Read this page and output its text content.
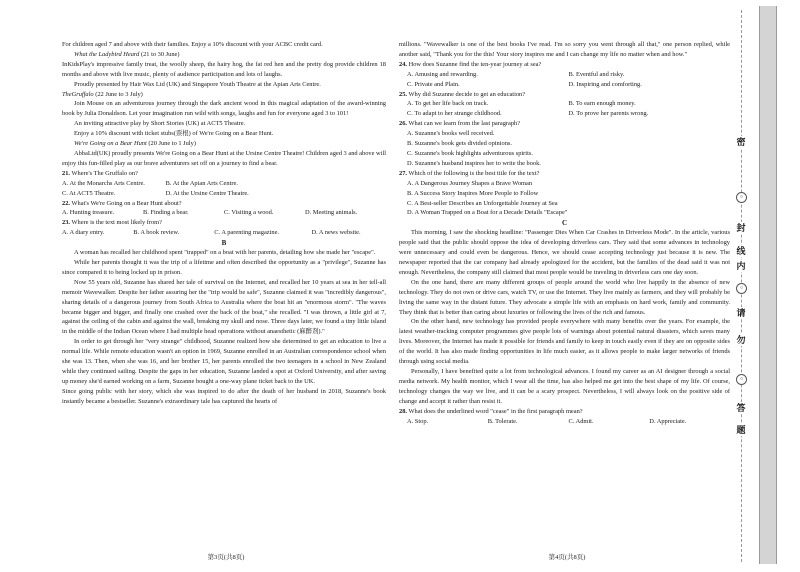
For children aged 7 and above with their families. Enjoy a 10% discount with your ACBC credit card.
What the Ladybird Heard (21 to 30 June)
InKidsPlay's impressive family treat, the woolly sheep, the hairy hog, the fat red hen and the pretty dog provide children 18 months and above with live music, plenty of audience participation and lots of laughs.
Proudly presented by Hair Wax Ltd (UK) and Singapore Youth Theatre at the Apian Arts Centre.
TheGruffalo (22 June to 3 July)
Join Mouse on an adventurous journey through the dark ancient wood in this magical adaptation of the award-winning book by Julia Donaldson. Let your imagination run wild with songs, laughs and fun for everyone aged 3 to 101!
An inviting attractive play by Short Stories (UK) at ACT5 Theatre.
Enjoy a 10% discount with ticket stubs(票根) of We're Going on a Bear Hunt.
We're Going on a Bear Hunt (20 June to 1 July)
AbbaLtd(UK) proudly presents We're Going on a Bear Hunt at the Ursine Centre Theatre! Children aged 3 and above will enjoy this fun-filled play as our brave adventurers set off on a journey to find a bear.
21. Where's The Gruffalo on?
A. At the Monarchs Arts Centre.	B. At the Apian Arts Centre.
C. At ACT5 Theatre.	D. At the Ursine Centre Theatre.
22. What's We're Going on a Bear Hunt about?
A. Hunting treasure.	B. Finding a bear.	C. Visiting a wood.	D. Meeting animals.
23. Where is the text most likely from?
A. A diary entry.	B. A book review.	C. A parenting magazine.	D. A news website.
B
A woman has recalled her childhood spent "trapped" on a boat with her parents, detailing how she made her "escape".
While her parents thought it was the trip of a lifetime and often described the opportunity as a "privilege", Suzanne has since compared it to being locked up in prison.
Now 55 years old, Suzanne has shared her tale of survival on the Internet, and recalled her 10 years at sea in her tell-all memoir Wavewalker. Despite her father assuring her the "trip would be safe", Suzanne claimed it was "incredibly dangerous", sharing details of a dangerous journey from South Africa to Australia where the boat hit an "enormous storm". "The waves became bigger and bigger, and finally one crashed over the back of the boat," she recalled. "I was thrown, a little girl at 7, against the ceiling of the cabin and against the wall, breaking my skull and nose. Three days later, we found a tiny little island in the middle of the Indian Ocean where I had multiple head operations without anaesthetic (麻醉剂)."
In order to get through her "very strange" childhood, Suzanne realized how she determined to get an education to live a normal life. While remote education wasn't an option in 1969, Suzanne enrolled in an Australian correspondence school when she was 13. Then, when she was 16, and her brother 15, her parents enrolled the two teenagers in a school in New Zealand while they continued sailing. Despite the gaps in her education, Suzanne landed a spot at Oxford University, and after saving up money she'd earned working on a farm, Suzanne bought a one-way plane ticket back to the UK.
Since going public with her story, which she was inspired to do after the death of her husband in 2018, Suzanne's book instantly became a bestseller. Suzanne's extraordinary tale has captured the hearts of
millions. "Wavewalker is one of the best books I've read. I'm so sorry you went through all that," one person replied, while another said, "Thank you for the this! Your story inspires me and I can change my life no matter when and how."
24. How does Suzanne find the ten-year journey at sea?
A. Amusing and rewarding.	B. Eventful and risky.
C. Private and Plain.	D. Inspiring and comforting.
25. Why did Suzanne decide to get an education?
A. To get her life back on track.	B. To earn enough money.
C. To adapt to her strange childhood.	D. To prove her parents wrong.
26. What can we learn from the last paragraph?
A. Suzanne's books well received.
B. Suzanne's book gets divided opinions.
C. Suzanne's book highlights adventurous spirits.
D. Suzanne's husband inspires her to write the book.
27. Which of the following is the best title for the text?
A. A Dangerous Journey Shapes a Brave Woman
B. A Success Story Inspires More People to Follow
C. A Best-seller Describes an Unforgettable Journey at Sea
D. A Woman Trapped on a Boat for a Decade Details "Escape"
C
This morning, I saw the shocking headline: "Passenger Dies When Car Crashes in Driverless Mode". In the article, various people said that the public should oppose the idea of developing driverless cars. They said that some advances in technology were unnecessary and could even be dangerous. Hence, we should cease accepting technology just because it is new. The newspaper reported that the car company had already apologized for the accident, but the families of the dead said it was not enough. Nevertheless, the company still claimed that most people would be traveling in driverless cars one day soon.
On the one hand, there are many different groups of people around the world who live happily in the absence of new technology. They do not own or drive cars, watch TV, or use the Internet. They live mainly as farmers, and they will probably be living the same way in the distant future. They advocate a simple life with an emphasis on hard work, family and community. They think that is better than caring about luxuries or following the lives of the rich and famous.
On the other hand, new technology has provided people everywhere with many benefits over the years. For example, the latest weather-tracking computer programmes give people lots of warnings about potential natural disasters, which saves many lives. Moreover, the Internet has made it possible for friends and family to keep in touch easily even if they are on opposite sides of the world. It has also made finding opportunities in life much easier, as it allows people to make larger networks of friends through using social media.
Personally, I have benefited quite a lot from technological advances. I found my career as an AI designer through a social media network. My health monitor, which I wear all the time, has also helped me get into the best shape of my life. Of course, technology changes the way we live, and it can be a scary prospect. Nevertheless, I will always look on the positive side of change and accept it rather than resist it.
28. What does the underlined word "cease" in the first paragraph mean?
A. Stop.	B. Tolerate.	C. Admit.	D. Appreciate.
第3页(共8页)	第4页(共8页)
○
○
○
密
封
线
内
请
勿
答
题
